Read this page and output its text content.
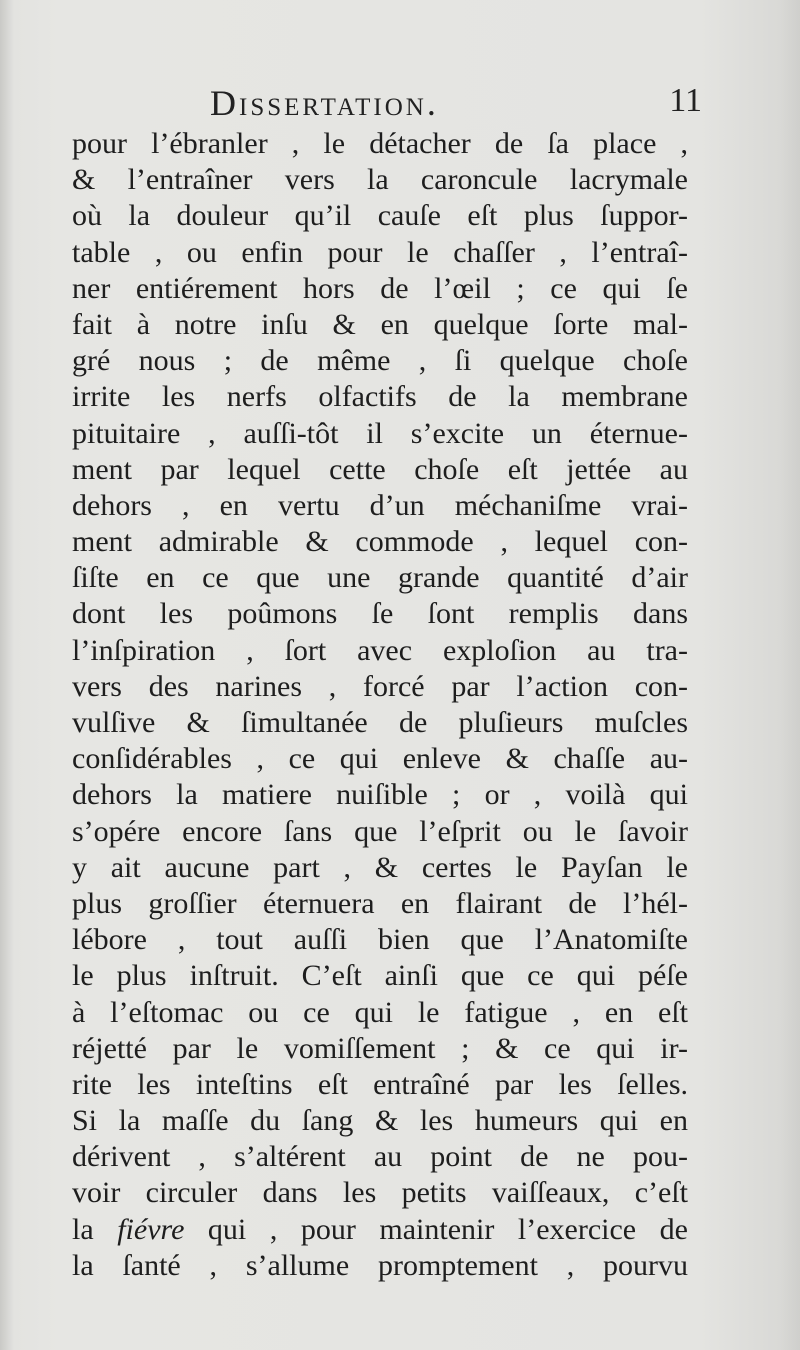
Dissertation.	11
pour l’ébranler , le détacher de ſa place ,
& l’entraîner vers la caroncule lacrymale
où la douleur qu’il cauſe eſt plus ſuppor-
table , ou enfin pour le chaſſer , l’entraî-
ner entiérement hors de l’œil ; ce qui ſe
fait à notre inſu & en quelque ſorte mal-
gré nous ; de même , ſi quelque choſe
irrite les nerfs olfactifs de la membrane
pituitaire , auſſi-tôt il s’excite un éternue-
ment par lequel cette choſe eſt jettée au
dehors , en vertu d’un méchaniſme vrai-
ment admirable & commode , lequel con-
ſiſte en ce que une grande quantité d’air
dont les poûmons ſe ſont remplis dans
l’inſpiration , ſort avec exploſion au tra-
vers des narines , forcé par l’action con-
vulſive & ſimultanée de pluſieurs muſcles
conſidérables , ce qui enleve & chaſſe au-
dehors la matiere nuiſible ; or , voilà qui
s’opére encore ſans que l’eſprit ou le ſavoir
y ait aucune part , & certes le Payſan le
plus groſſier éternuera en flairant de l’hél-
lébore , tout auſſi bien que l’Anatomiſte
le plus inſtruit. C’eſt ainſi que ce qui péſe
à l’eſtomac ou ce qui le fatigue , en eſt
réjetté par le vomiſſement ; & ce qui ir-
rite les inteſtins eſt entraîné par les ſelles.
Si la maſſe du ſang & les humeurs qui en
dérivent , s’altérent au point de ne pou-
voir circuler dans les petits vaiſſeaux, c’eſt
la fiévre qui , pour maintenir l’exercice de
la ſanté , s’allume promptement , pourvu
